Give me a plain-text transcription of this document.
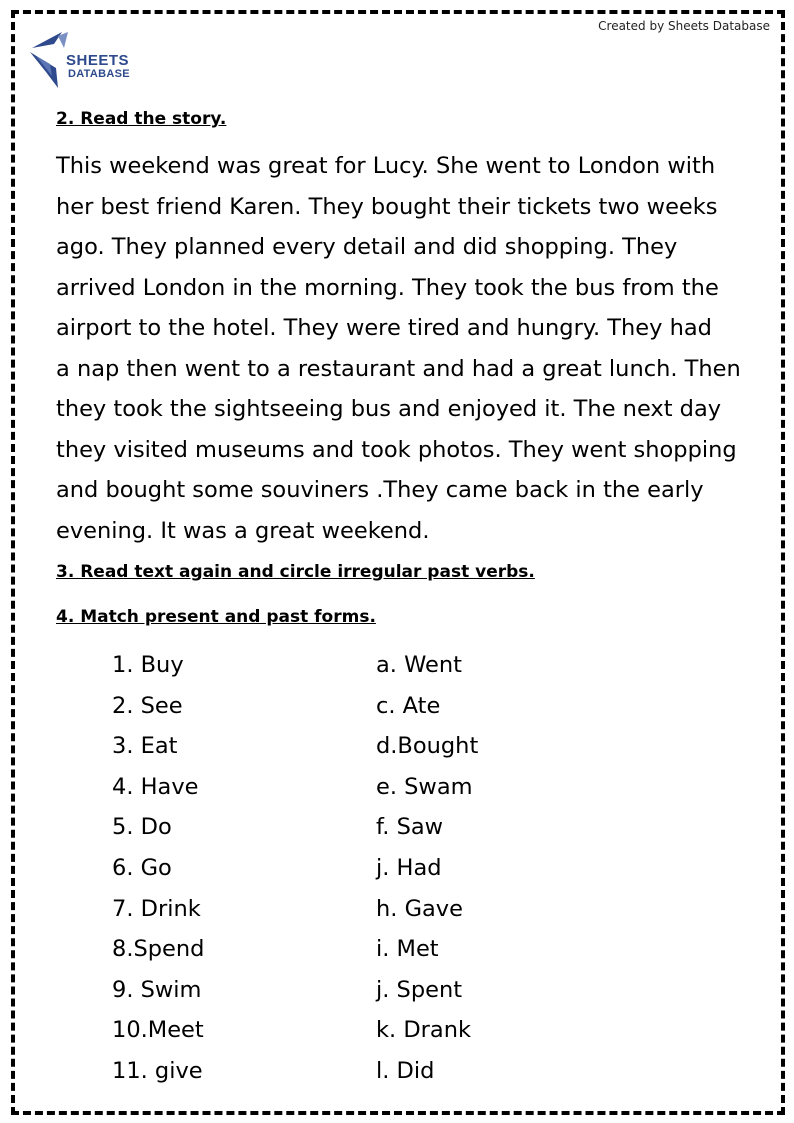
Created by Sheets Database
SHEETS
DATABASE
2. Read the story.
This weekend was great for Lucy. She went to London with
her best friend Karen. They bought their tickets two weeks
ago. They planned every detail and did shopping. They
arrived London in the morning. They took the bus from the
airport to the hotel. They were tired and hungry. They had
a nap then went to a restaurant and had a great lunch. Then
they took the sightseeing bus and enjoyed it. The next day
they visited museums and took photos. They went shopping
and bought some souviners .They came back in the early
evening. It was a great weekend.
3. Read text again and circle irregular past verbs.
4. Match present and past forms.
1. Buy
2. See
3. Eat
4. Have
5. Do
6. Go
7. Drink
8.Spend
9. Swim
10.Meet
11. give
a. Went
c. Ate
d.Bought
e. Swam
f. Saw
j. Had
h. Gave
i. Met
j. Spent
k. Drank
l. Did
